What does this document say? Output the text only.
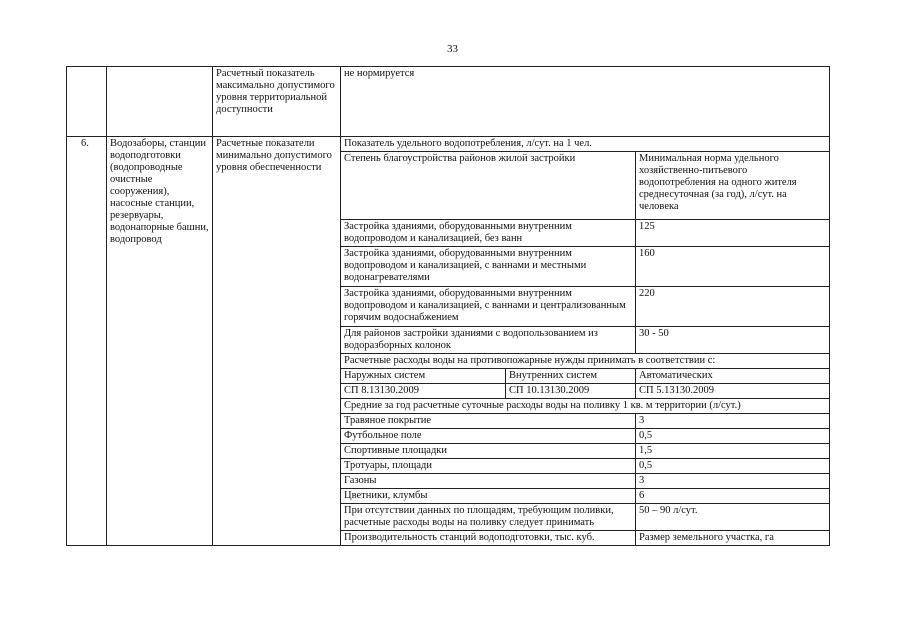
33
		Расчетный показатель максимально допустимого уровня территориальной доступности	не нормируется		
6.	Водозаборы, станции водоподготовки (водопроводные очистные сооружения), насосные станции, резервуары, водонапорные башни, водопровод	Расчетные показатели минимально допустимого уровня обеспеченности	Показатель удельного водопотребления, л/сут. на 1 чел.		
			Степень благоустройства районов жилой застройки		Минимальная норма удельного хозяйственно-питьевого водопотребления на одного жителя среднесуточная (за год), л/сут. на человека
			Застройка зданиями, оборудованными внутренним водопроводом и канализацией, без ванн		125
			Застройка зданиями, оборудованными внутренним водопроводом и канализацией, с ваннами и местными водонагревателями		160
			Застройка зданиями, оборудованными внутренним водопроводом и канализацией, с ваннами и централизованным горячим водоснабжением		220
			Для районов застройки зданиями с водопользованием из водоразборных колонок		30 - 50
			Расчетные расходы воды на противопожарные нужды принимать в соответствии с:		
			Наружных систем	Внутренних систем	Автоматических
			СП 8.13130.2009	СП 10.13130.2009	СП 5.13130.2009
			Средние за год расчетные суточные расходы воды на поливку 1 кв. м территории (л/сут.)		
			Травяное покрытие		3
			Футбольное поле		0,5
			Спортивные площадки		1,5
			Тротуары, площади		0,5
			Газоны		3
			Цветники, клумбы		6
			При отсутствии данных по площадям, требующим поливки, расчетные расходы воды на поливку следует принимать		50 – 90 л/сут.
			Производительность станций водоподготовки, тыс. куб.		Размер земельного участка, га
